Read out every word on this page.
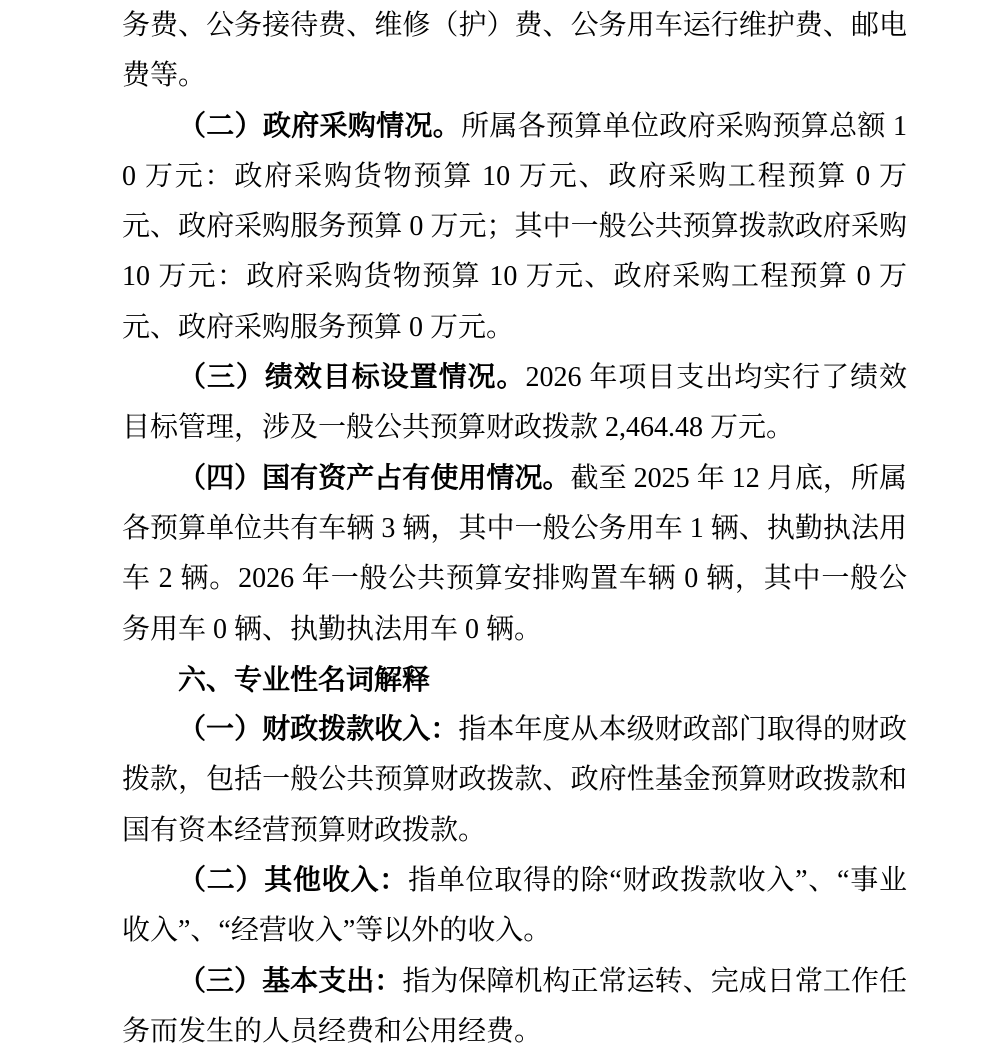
务费、公务接待费、维修（护）费、公务用车运行维护费、邮电费等。

（二）政府采购情况。所属各预算单位政府采购预算总额 10 万元：政府采购货物预算 10 万元、政府采购工程预算 0 万元、政府采购服务预算 0 万元；其中一般公共预算拨款政府采购 10 万元：政府采购货物预算 10 万元、政府采购工程预算 0 万元、政府采购服务预算 0 万元。

（三）绩效目标设置情况。2026 年项目支出均实行了绩效目标管理，涉及一般公共预算财政拨款 2,464.48 万元。

（四）国有资产占有使用情况。截至 2025 年 12 月底，所属各预算单位共有车辆 3 辆，其中一般公务用车 1 辆、执勤执法用车 2 辆。2026 年一般公共预算安排购置车辆 0 辆，其中一般公务用车 0 辆、执勤执法用车 0 辆。

六、专业性名词解释

（一）财政拨款收入：指本年度从本级财政部门取得的财政拨款，包括一般公共预算财政拨款、政府性基金预算财政拨款和国有资本经营预算财政拨款。

（二）其他收入：指单位取得的除“财政拨款收入”、“事业收入”、“经营收入”等以外的收入。

（三）基本支出：指为保障机构正常运转、完成日常工作任务而发生的人员经费和公用经费。
